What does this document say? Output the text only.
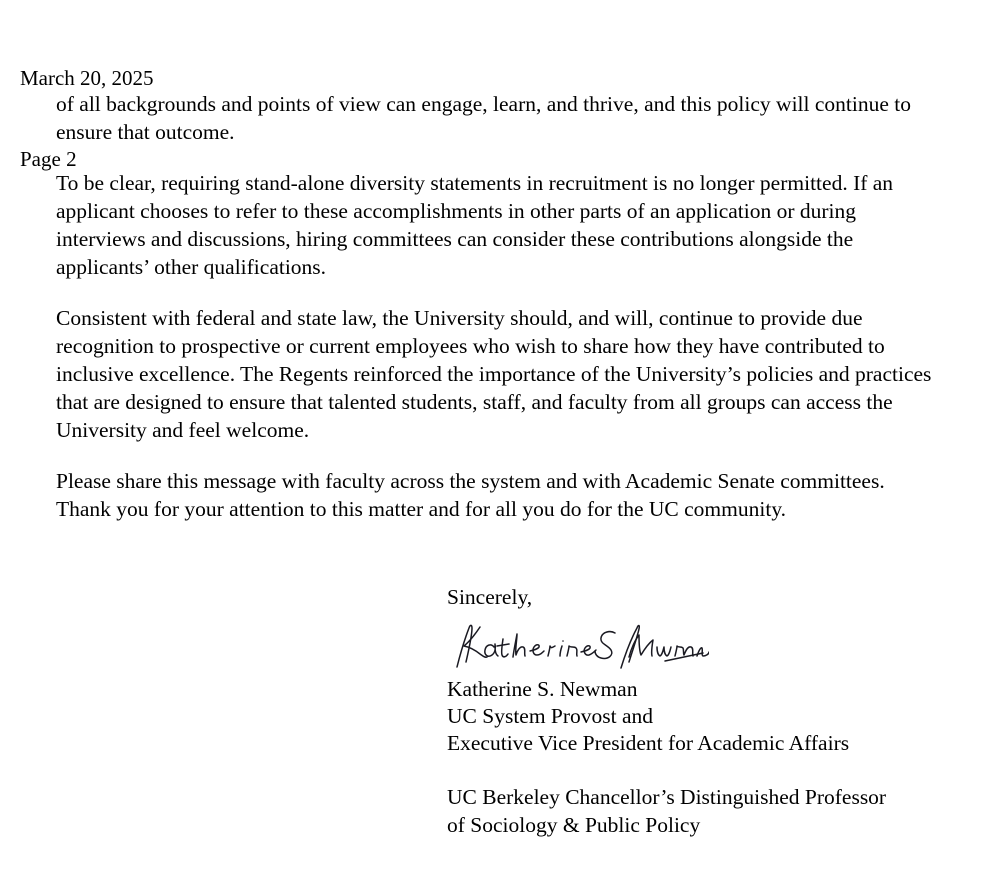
March 20, 2025

Page 2

of all backgrounds and points of view can engage, learn, and thrive, and this policy will continue to ensure that outcome.

To be clear, requiring stand-alone diversity statements in recruitment is no longer permitted. If an applicant chooses to refer to these accomplishments in other parts of an application or during interviews and discussions, hiring committees can consider these contributions alongside the applicants’ other qualifications.

Consistent with federal and state law, the University should, and will, continue to provide due recognition to prospective or current employees who wish to share how they have contributed to inclusive excellence. The Regents reinforced the importance of the University’s policies and practices that are designed to ensure that talented students, staff, and faculty from all groups can access the University and feel welcome.

Please share this message with faculty across the system and with Academic Senate committees. Thank you for your attention to this matter and for all you do for the UC community.

Sincerely,

Katherine S. Newman
UC System Provost and
Executive Vice President for Academic Affairs
UC Berkeley Chancellor’s Distinguished Professor
of Sociology & Public Policy
